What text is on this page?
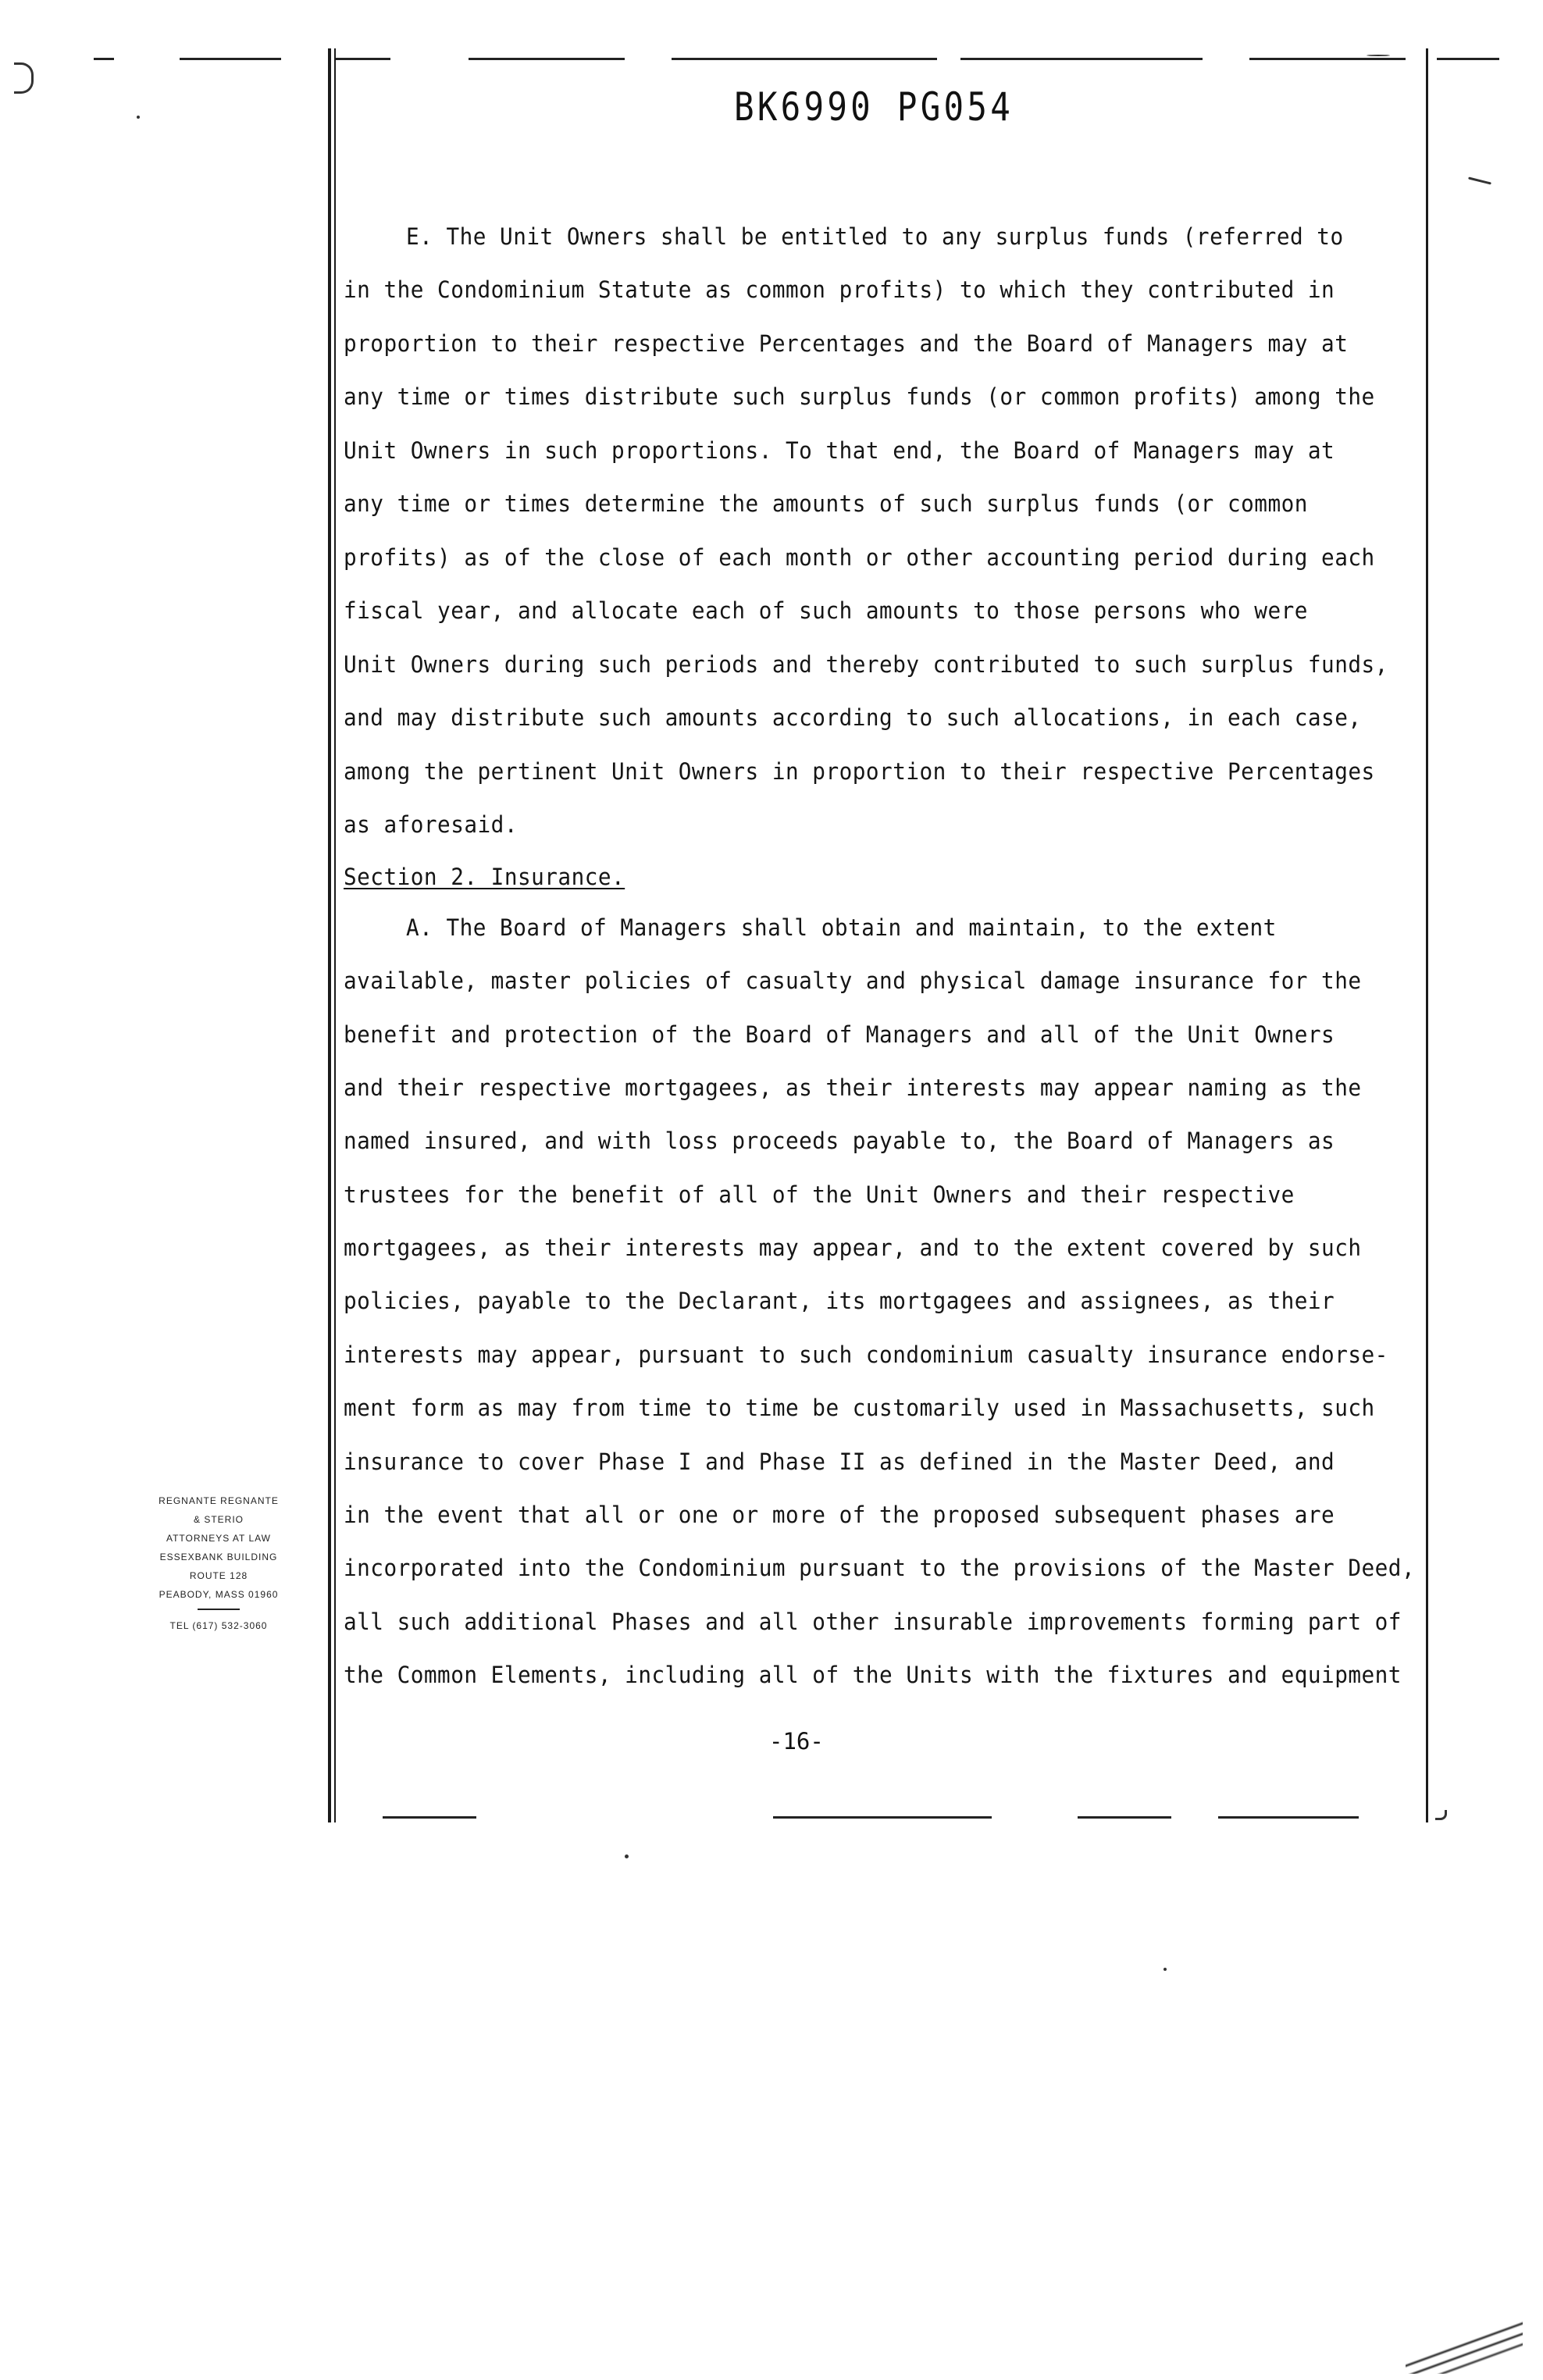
BK6990 PG054
E. The Unit Owners shall be entitled to any surplus funds (referred to
in the Condominium Statute as common profits) to which they contributed in
proportion to their respective Percentages and the Board of Managers may at
any time or times distribute such surplus funds (or common profits) among the
Unit Owners in such proportions. To that end, the Board of Managers may at
any time or times determine the amounts of such surplus funds (or common
profits) as of the close of each month or other accounting period during each
fiscal year, and allocate each of such amounts to those persons who were
Unit Owners during such periods and thereby contributed to such surplus funds,
and may distribute such amounts according to such allocations, in each case,
among the pertinent Unit Owners in proportion to their respective Percentages
as aforesaid.
Section 2. Insurance.
A. The Board of Managers shall obtain and maintain, to the extent
available, master policies of casualty and physical damage insurance for the
benefit and protection of the Board of Managers and all of the Unit Owners
and their respective mortgagees, as their interests may appear naming as the
named insured, and with loss proceeds payable to, the Board of Managers as
trustees for the benefit of all of the Unit Owners and their respective
mortgagees, as their interests may appear, and to the extent covered by such
policies, payable to the Declarant, its mortgagees and assignees, as their
interests may appear, pursuant to such condominium casualty insurance endorse-
ment form as may from time to time be customarily used in Massachusetts, such
insurance to cover Phase I and Phase II as defined in the Master Deed, and
in the event that all or one or more of the proposed subsequent phases are
incorporated into the Condominium pursuant to the provisions of the Master Deed,
all such additional Phases and all other insurable improvements forming part of
the Common Elements, including all of the Units with the fixtures and equipment
REGNANTE REGNANTE
& STERIO
ATTORNEYS AT LAW
ESSEXBANK BUILDING
ROUTE 128
PEABODY, MASS 01960
TEL (617) 532-3060
-16-
